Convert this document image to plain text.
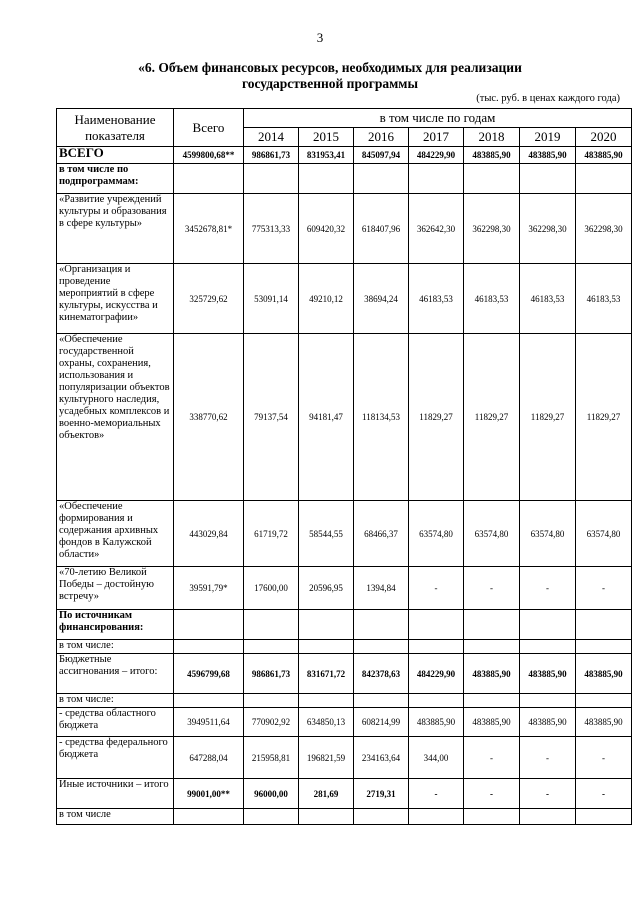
3
«6. Объем финансовых ресурсов, необходимых для реализации
государственной программы
(тыс. руб. в ценах каждого года)
Наименование показателя	Всего	в том числе по годам						
		2014	2015	2016	2017	2018	2019	2020
ВСЕГО	4599800,68**	986861,73	831953,41	845097,94	484229,90	483885,90	483885,90	483885,90
в том числе по подпрограммам:								
«Развитие учреждений культуры и образования в сфере культуры»	3452678,81*	775313,33	609420,32	618407,96	362642,30	362298,30	362298,30	362298,30
«Организация и проведение мероприятий в сфере культуры, искусства и кинематографии»	325729,62	53091,14	49210,12	38694,24	46183,53	46183,53	46183,53	46183,53
«Обеспечение государственной охраны, сохранения, использования и популяризации объектов культурного наследия, усадебных комплексов и военно-мемориальных объектов»	338770,62	79137,54	94181,47	118134,53	11829,27	11829,27	11829,27	11829,27
«Обеспечение формирования и содержания архивных фондов в Калужской области»	443029,84	61719,72	58544,55	68466,37	63574,80	63574,80	63574,80	63574,80
«70-летию Великой Победы – достойную встречу»	39591,79*	17600,00	20596,95	1394,84	-	-	-	-
По источникам финансирования:								
в том числе:								
Бюджетные ассигнования – итого:	4596799,68	986861,73	831671,72	842378,63	484229,90	483885,90	483885,90	483885,90
в том числе:								
- средства областного бюджета	3949511,64	770902,92	634850,13	608214,99	483885,90	483885,90	483885,90	483885,90
- средства федерального бюджета	647288,04	215958,81	196821,59	234163,64	344,00	-	-	-
Иные источники – итого	99001,00**	96000,00	281,69	2719,31	-	-	-	-
в том числе								
